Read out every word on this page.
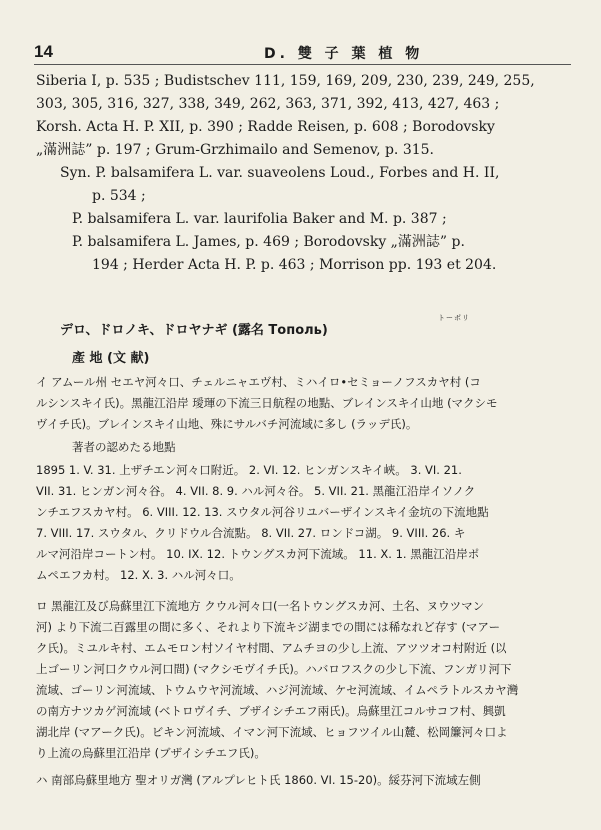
14	D. 雙 子 葉 植 物
Siberia I, p. 535 ; Budistschev 111, 159, 169, 209, 230, 239, 249, 255,
303, 305, 316, 327, 338, 349, 262, 363, 371, 392, 413, 427, 463 ;
Korsh. Acta H. P. XII, p. 390 ; Radde Reisen, p. 608 ; Borodovsky
„滿洲誌” p. 197 ; Grum-Grzhimailo and Semenov, p. 315.
Syn. P. balsamifera L. var. suaveolens Loud., Forbes and H. II,
p. 534 ;
P. balsamifera L. var. laurifolia Baker and M. p. 387 ;
P. balsamifera L. James, p. 469 ; Borodovsky „滿洲誌” p.
194 ; Herder Acta H. P. p. 463 ; Morrison pp. 193 et 204.
トーポリ
デロ、ドロノキ、ドロヤナギ (露名 Тополь)
產 地 (文 献)
イ アムール州 セエヤ河々口、チェルニャエヴ村、ミハイロ•セミョーノフスカヤ村 (コ
ルシンスキイ氏)。黑龍江沿岸 璦琿の下流三日航程の地點、ブレインスキイ山地 (マクシモ
ヴイチ氏)。ブレインスキイ山地、殊にサルバチ河流域に多し (ラッデ氏)。
著者の認めたる地點
1895 1. V. 31. 上ザチエン河々口附近。 2. VI. 12. ヒンガンスキイ峽。 3. VI. 21.
VII. 31. ヒンガン河々谷。 4. VII. 8. 9. ハル河々谷。 5. VII. 21. 黑龍江沿岸イソノク
ンチエフスカヤ村。 6. VIII. 12. 13. スウタル河谷リユバーザインスキイ金坑の下流地點
7. VIII. 17. スウタル、クリドウル合流點。 8. VII. 27. ロンドコ湖。 9. VIII. 26. キ
ルマ河沿岸コートン村。 10. IX. 12. トウングスカ河下流域。 11. X. 1. 黑龍江沿岸ポ
ムペエフカ村。 12. X. 3. ハル河々口。
ロ 黑龍江及び烏蘇里江下流地方 クウル河々口(一名トウングスカ河、土名、ヌウツマン
河) より下流二百露里の間に多く、それより下流キジ湖までの間には稀なれど存す (マアー
ク氏)。ミユルキ村、エムモロン村ソイヤ村間、アムチヨの少し上流、アツツオコ村附近 (以
上ゴーリン河口クウル河口間) (マクシモヴイチ氏)。ハバロフスクの少し下流、フンガリ河下
流域、ゴーリン河流域、トウムウヤ河流域、ハジ河流域、ケセ河流域、イムペラトルスカヤ灣
の南方ナツカゲ河流域 (ベトロヴイチ、ブザイシチエフ兩氏)。烏蘇里江コルサコフ村、興凱
湖北岸 (マアーク氏)。ビキン河流域、イマン河下流域、ヒョフツイル山麓、松岡簾河々口よ
り上流の烏蘇里江沿岸 (ブザイシチエフ氏)。
ハ 南部烏蘇里地方 聖オリガ灣 (アルプレヒト氏 1860. VI. 15-20)。綏芬河下流域左側
